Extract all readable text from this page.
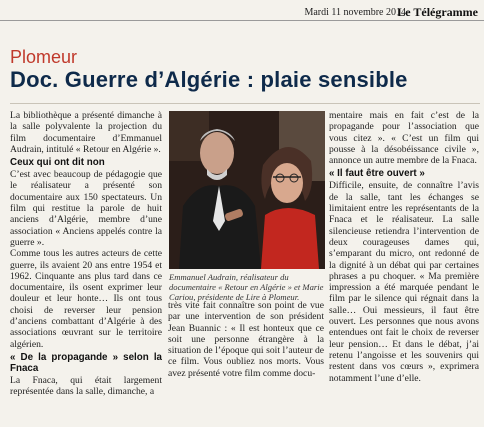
Mardi 11 novembre 2014
Le Télégramme
Plomeur
Doc. Guerre d’Algérie : plaie sensible

La bibliothèque a présenté dimanche à la salle polyvalente la projection du film documentaire d’Emmanuel Audrain, intitulé « Retour en Algérie ».

Ceux qui ont dit non

C’est avec beaucoup de pédagogie que le réalisateur a présenté son documentaire aux 150 spectateurs. Un film qui restitue la parole de huit anciens d’Algérie, membre d’une association « Anciens appelés contre la guerre ».

Comme tous les autres acteurs de cette guerre, ils avaient 20 ans entre 1954 et 1962. Cinquante ans plus tard dans ce documentaire, ils osent exprimer leur douleur et leur honte… Ils ont tous choisi de reverser leur pension d’anciens combattant d’Algérie à des associations œuvrant sur le territoire algérien.

« De la propagande » selon la Fnaca

La Fnaca, qui était largement représentée dans la salle, dimanche, a

Emmanuel Audrain, réalisateur du documentaire « Retour en Algérie » et Marie Cariou, présidente de Lire à Plomeur.

très vite fait connaître son point de vue par une intervention de son président Jean Buannic : « Il est honteux que ce soit une personne étrangère à la situation de l’époque qui soit l’auteur de ce film. Vous oubliez nos morts. Vous avez présenté votre film comme docu-

mentaire mais en fait c’est de la propagande pour l’association que vous citez ». « C’est un film qui pousse à la désobéissance civile », annonce un autre membre de la Fnaca.

« Il faut être ouvert »

Difficile, ensuite, de connaître l’avis de la salle, tant les échanges se limitaient entre les représentants de la Fnaca et le réalisateur. La salle silencieuse retiendra l’intervention de deux courageuses dames qui, s’emparant du micro, ont redonné de la dignité à un débat qui par certaines phrases a pu choquer. « Ma première impression a été marquée pendant le film par le silence qui régnait dans la salle… Oui messieurs, il faut être ouvert. Les personnes que nous avons entendues ont fait le choix de reverser leur pension… Et dans le débat, j’ai retenu l’angoisse et les souvenirs qui restent dans vos cœurs », exprimera notamment l’une d’elle.
